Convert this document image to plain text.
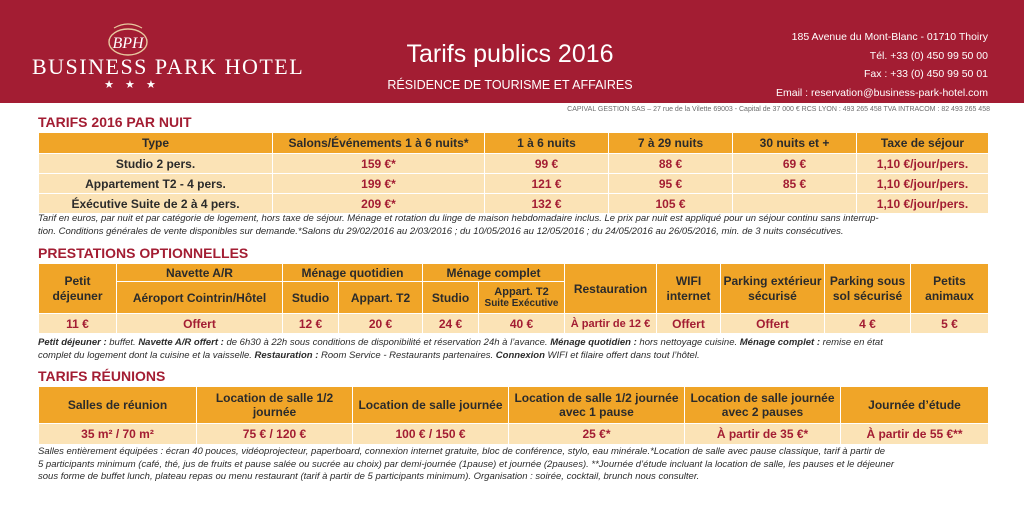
BPH
BUSINESS PARK HOTEL
★ ★ ★
Tarifs publics 2016
RÉSIDENCE DE TOURISME ET AFFAIRES
185 Avenue du Mont-Blanc - 01710 Thoiry
Tél. +33 (0) 450 99 50 00
Fax : +33 (0) 450 99 50 01
Email : reservation@business-park-hotel.com
CAPIVAL GESTION SAS – 27 rue de la Vilette 69003 - Capital de 37 000 € RCS LYON : 493 265 458 TVA INTRACOM : 82 493 265 458
TARIFS 2016 PAR NUIT
Type	Salons/Événements 1 à 6 nuits*	1 à 6 nuits	7 à 29 nuits	30 nuits et +	Taxe de séjour
Studio 2 pers.	159 €*	99 €	88 €	69 €	1,10 €/jour/pers.
Appartement T2 - 4 pers.	199 €*	121 €	95 €	85 €	1,10 €/jour/pers.
Éxécutive Suite de 2 à 4 pers.	209 €*	132 €	105 €		1,10 €/jour/pers.
Tarif en euros, par nuit et par catégorie de logement, hors taxe de séjour. Ménage et rotation du linge de maison hebdomadaire inclus. Le prix par nuit est appliqué pour un séjour continu sans interrup-
tion. Conditions générales de vente disponibles sur demande.*Salons du 29/02/2016 au 2/03/2016 ; du 10/05/2016 au 12/05/2016 ; du 24/05/2016 au 26/05/2016, min. de 3 nuits consécutives.
PRESTATIONS OPTIONNELLES
Petit déjeuner	Navette A/R	Ménage quotidien		Ménage complet		Restauration	WIFI internet	Parking extérieur sécurisé	Parking sous sol sécurisé	Petits animaux
	Aéroport Cointrin/Hôtel	Studio	Appart. T2	Studio	Appart. T2
Suite Exécutive					

11 €	Offert	12 €	20 €	24 €	40 €	À partir de 12 €	Offert	Offert	4 €	5 €
Petit déjeuner : buffet. Navette A/R offert : de 6h30 à 22h sous conditions de disponibilité et réservation 24h à l’avance. Ménage quotidien : hors nettoyage cuisine. Ménage complet : remise en état
complet du logement dont la cuisine et la vaisselle. Restauration : Room Service - Restaurants partenaires. Connexion WIFI et filaire offert dans tout l’hôtel.
TARIFS RÉUNIONS
Salles de réunion	Location de salle 1/2 journée	Location de salle journée	Location de salle 1/2 journée avec 1 pause	Location de salle journée avec 2 pauses	Journée d’étude
35 m² / 70 m²	75 € / 120 €	100 € / 150 €	25 €*	À partir de 35 €*	À partir de 55 €**
Salles entièrement équipées : écran 40 pouces, vidéoprojecteur, paperboard, connexion internet gratuite, bloc de conférence, stylo, eau minérale.*Location de salle avec pause classique, tarif à partir de
5 participants minimum (café, thé, jus de fruits et pause salée ou sucrée au choix) par demi-journée (1pause) et journée (2pauses). **Journée d’étude incluant la location de salle, les pauses et le déjeuner
sous forme de buffet lunch, plateau repas ou menu restaurant (tarif à partir de 5 participants minimum). Organisation : soirée, cocktail, brunch nous consulter.
